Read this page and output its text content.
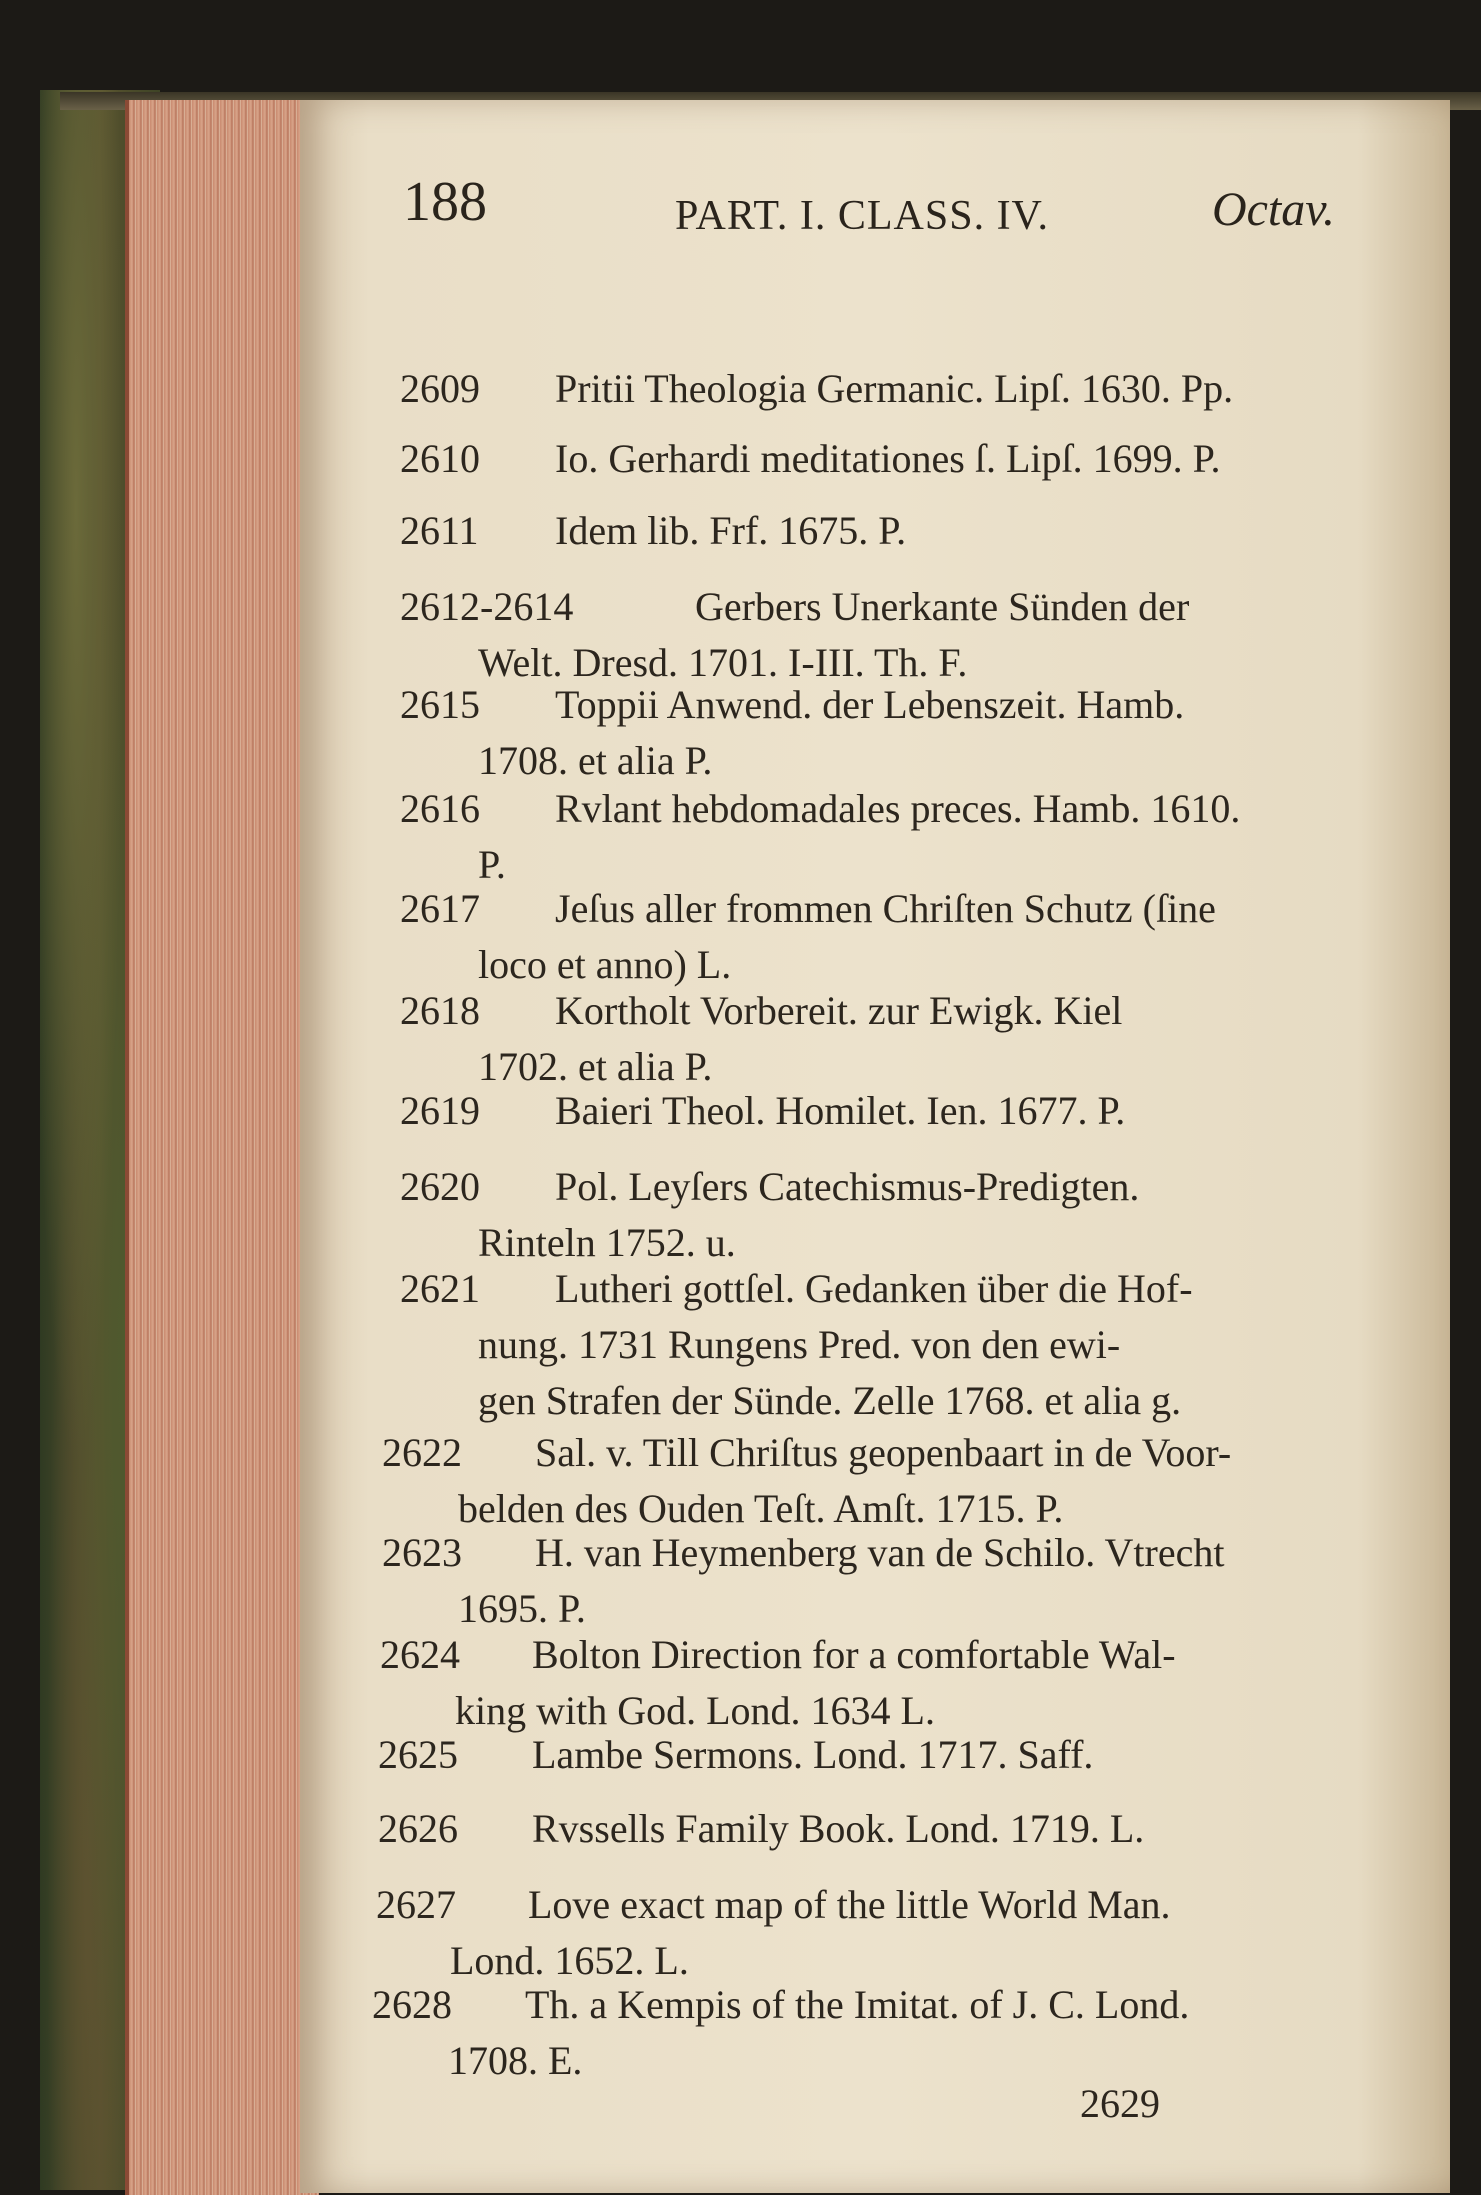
188	PART. I. CLASS. IV.	Octav.
2609 Pritii Theologia Germanic. Lipſ. 1630. Pp.
2610 Io. Gerhardi meditationes ſ. Lipſ. 1699. P.
2611 Idem lib. Frf. 1675. P.
2612-2614	Gerbers Unerkante Sünden der
Welt. Dresd. 1701. I-III. Th. F.
2615 Toppii Anwend. der Lebenszeit. Hamb.
1708. et alia P.
2616 Rvlant hebdomadales preces. Hamb. 1610.
P.
2617 Jeſus aller frommen Chriſten Schutz (ſine
loco et anno) L.
2618 Kortholt Vorbereit. zur Ewigk. Kiel
1702. et alia P.
2619 Baieri Theol. Homilet. Ien. 1677. P.
2620 Pol. Leyſers Catechismus-Predigten.
Rinteln 1752. u.
2621 Lutheri gottſel. Gedanken über die Hof-
nung. 1731 Rungens Pred. von den ewi-
gen Strafen der Sünde. Zelle 1768. et alia g.
2622 Sal. v. Till Chriſtus geopenbaart in de Voor-
belden des Ouden Teſt. Amſt. 1715. P.
2623 H. van Heymenberg van de Schilo. Vtrecht
1695. P.
2624 Bolton Direction for a comfortable Wal-
king with God. Lond. 1634 L.
2625 Lambe Sermons. Lond. 1717. Saff.
2626 Rvssells Family Book. Lond. 1719. L.
2627 Love exact map of the little World Man.
Lond. 1652. L.
2628 Th. a Kempis of the Imitat. of J. C. Lond.
1708. E.
2629
